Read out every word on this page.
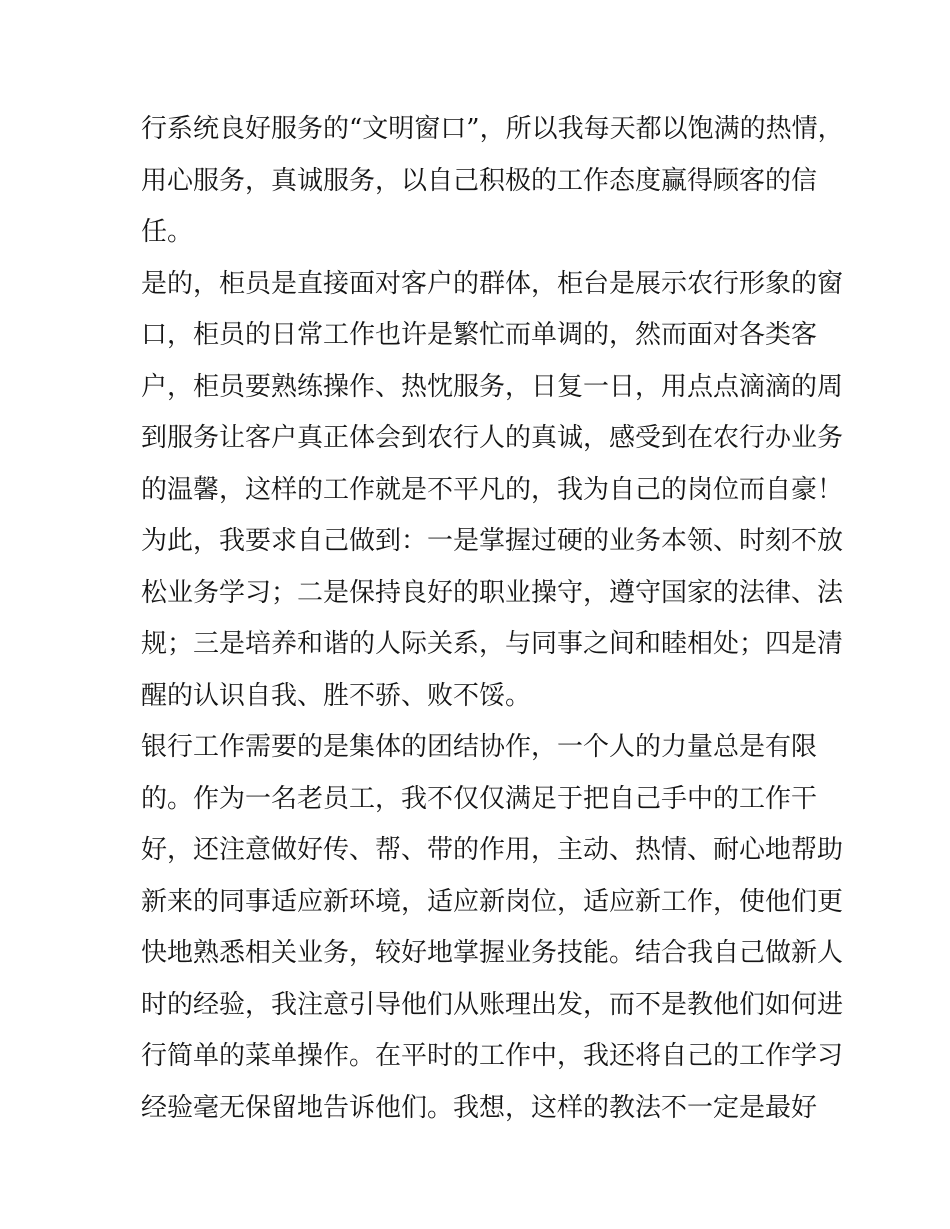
行系统良好服务的“文明窗口”，所以我每天都以饱满的热情，
用心服务，真诚服务，以自己积极的工作态度赢得顾客的信
任。
是的，柜员是直接面对客户的群体，柜台是展示农行形象的窗
口，柜员的日常工作也许是繁忙而单调的，然而面对各类客
户，柜员要熟练操作、热忱服务，日复一日，用点点滴滴的周
到服务让客户真正体会到农行人的真诚，感受到在农行办业务
的温馨，这样的工作就是不平凡的，我为自己的岗位而自豪！
为此，我要求自己做到：一是掌握过硬的业务本领、时刻不放
松业务学习；二是保持良好的职业操守，遵守国家的法律、法
规；三是培养和谐的人际关系，与同事之间和睦相处；四是清
醒的认识自我、胜不骄、败不馁。
银行工作需要的是集体的团结协作，一个人的力量总是有限
的。作为一名老员工，我不仅仅满足于把自己手中的工作干
好，还注意做好传、帮、带的作用，主动、热情、耐心地帮助
新来的同事适应新环境，适应新岗位，适应新工作，使他们更
快地熟悉相关业务，较好地掌握业务技能。结合我自己做新人
时的经验，我注意引导他们从账理出发，而不是教他们如何进
行简单的菜单操作。在平时的工作中，我还将自己的工作学习
经验毫无保留地告诉他们。我想，这样的教法不一定是最好
